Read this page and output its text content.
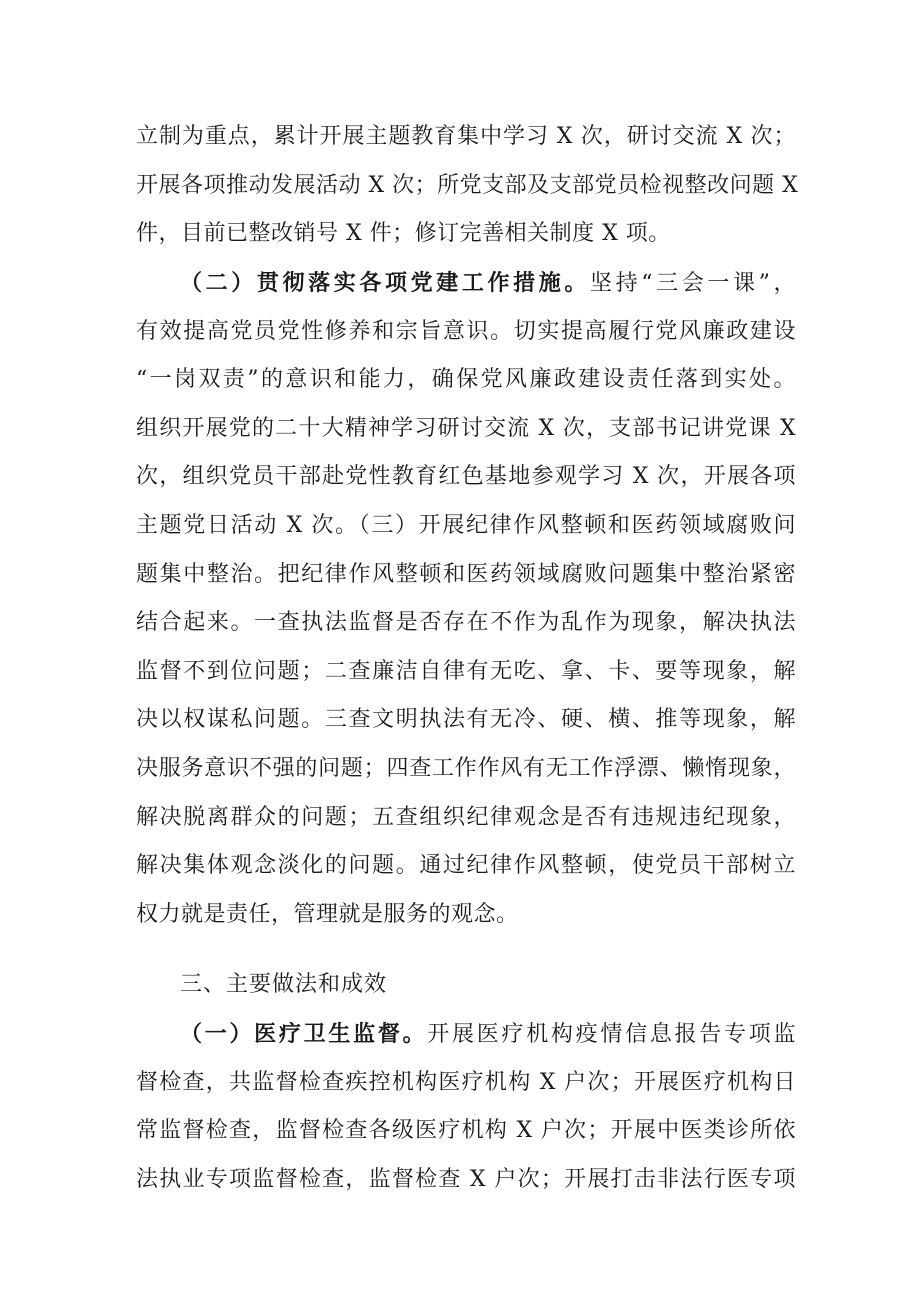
立制为重点，累计开展主题教育集中学习 X 次，研讨交流 X 次；
开展各项推动发展活动 X 次；所党支部及支部党员检视整改问题 X
件，目前已整改销号 X 件；修订完善相关制度 X 项。
（二）贯彻落实各项党建工作措施。坚持“三会一课”，
有效提高党员党性修养和宗旨意识。切实提高履行党风廉政建设
“一岗双责”的意识和能力，确保党风廉政建设责任落到实处。
组织开展党的二十大精神学习研讨交流 X 次，支部书记讲党课 X
次，组织党员干部赴党性教育红色基地参观学习 X 次，开展各项
主题党日活动 X 次。（三）开展纪律作风整顿和医药领域腐败问
题集中整治。把纪律作风整顿和医药领域腐败问题集中整治紧密
结合起来。一查执法监督是否存在不作为乱作为现象，解决执法
监督不到位问题；二查廉洁自律有无吃、拿、卡、要等现象，解
决以权谋私问题。三查文明执法有无冷、硬、横、推等现象，解
决服务意识不强的问题；四查工作作风有无工作浮漂、懒惰现象，
解决脱离群众的问题；五查组织纪律观念是否有违规违纪现象，
解决集体观念淡化的问题。通过纪律作风整顿，使党员干部树立
权力就是责任，管理就是服务的观念。
三、主要做法和成效
（一）医疗卫生监督。开展医疗机构疫情信息报告专项监
督检查，共监督检查疾控机构医疗机构 X 户次；开展医疗机构日
常监督检查，监督检查各级医疗机构 X 户次；开展中医类诊所依
法执业专项监督检查，监督检查 X 户次；开展打击非法行医专项
